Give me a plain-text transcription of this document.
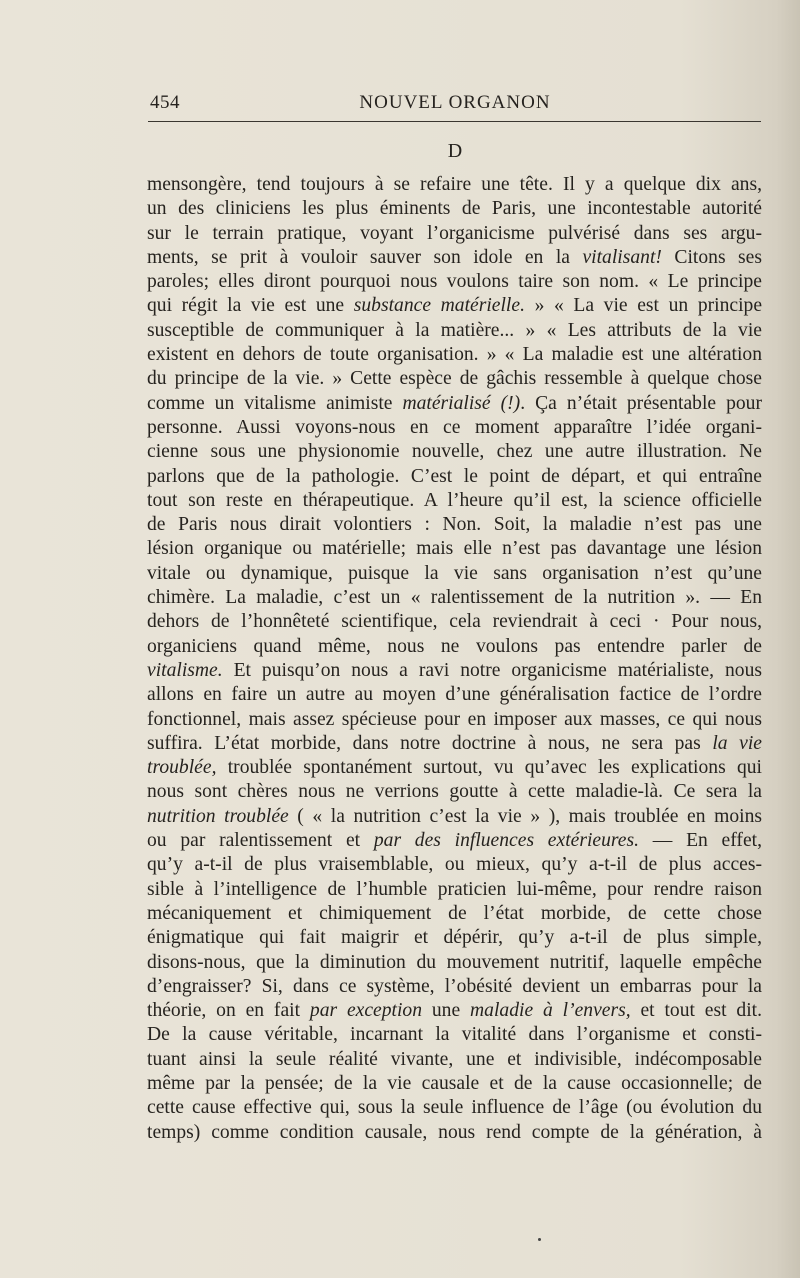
454	NOUVEL ORGANON
D
mensongère, tend toujours à se refaire une tête. Il y a quelque dix ans,
un des cliniciens les plus éminents de Paris, une incontestable autorité
sur le terrain pratique, voyant l’organicisme pulvérisé dans ses argu-
ments, se prit à vouloir sauver son idole en la vitalisant! Citons ses
paroles; elles diront pourquoi nous voulons taire son nom. « Le principe
qui régit la vie est une substance matérielle. » « La vie est un principe
susceptible de communiquer à la matière... » « Les attributs de la vie
existent en dehors de toute organisation. » « La maladie est une altération
du principe de la vie. » Cette espèce de gâchis ressemble à quelque chose
comme un vitalisme animiste matérialisé (!). Ça n’était présentable pour
personne. Aussi voyons-nous en ce moment apparaître l’idée organi-
cienne sous une physionomie nouvelle, chez une autre illustration. Ne
parlons que de la pathologie. C’est le point de départ, et qui entraîne
tout son reste en thérapeutique. A l’heure qu’il est, la science officielle
de Paris nous dirait volontiers : Non. Soit, la maladie n’est pas une
lésion organique ou matérielle; mais elle n’est pas davantage une lésion
vitale ou dynamique, puisque la vie sans organisation n’est qu’une
chimère. La maladie, c’est un « ralentissement de la nutrition ». — En
dehors de l’honnêteté scientifique, cela reviendrait à ceci · Pour nous,
organiciens quand même, nous ne voulons pas entendre parler de
vitalisme. Et puisqu’on nous a ravi notre organicisme matérialiste, nous
allons en faire un autre au moyen d’une généralisation factice de l’ordre
fonctionnel, mais assez spécieuse pour en imposer aux masses, ce qui nous
suffira. L’état morbide, dans notre doctrine à nous, ne sera pas la vie
troublée, troublée spontanément surtout, vu qu’avec les explications qui
nous sont chères nous ne verrions goutte à cette maladie-là. Ce sera la
nutrition troublée ( « la nutrition c’est la vie » ), mais troublée en moins
ou par ralentissement et par des influences extérieures. — En effet,
qu’y a-t-il de plus vraisemblable, ou mieux, qu’y a-t-il de plus acces-
sible à l’intelligence de l’humble praticien lui-même, pour rendre raison
mécaniquement et chimiquement de l’état morbide, de cette chose
énigmatique qui fait maigrir et dépérir, qu’y a-t-il de plus simple,
disons-nous, que la diminution du mouvement nutritif, laquelle empêche
d’engraisser? Si, dans ce système, l’obésité devient un embarras pour la
théorie, on en fait par exception une maladie à l’envers, et tout est dit.
De la cause véritable, incarnant la vitalité dans l’organisme et consti-
tuant ainsi la seule réalité vivante, une et indivisible, indécomposable
même par la pensée; de la vie causale et de la cause occasionnelle; de
cette cause effective qui, sous la seule influence de l’âge (ou évolution du
temps) comme condition causale, nous rend compte de la génération, à
